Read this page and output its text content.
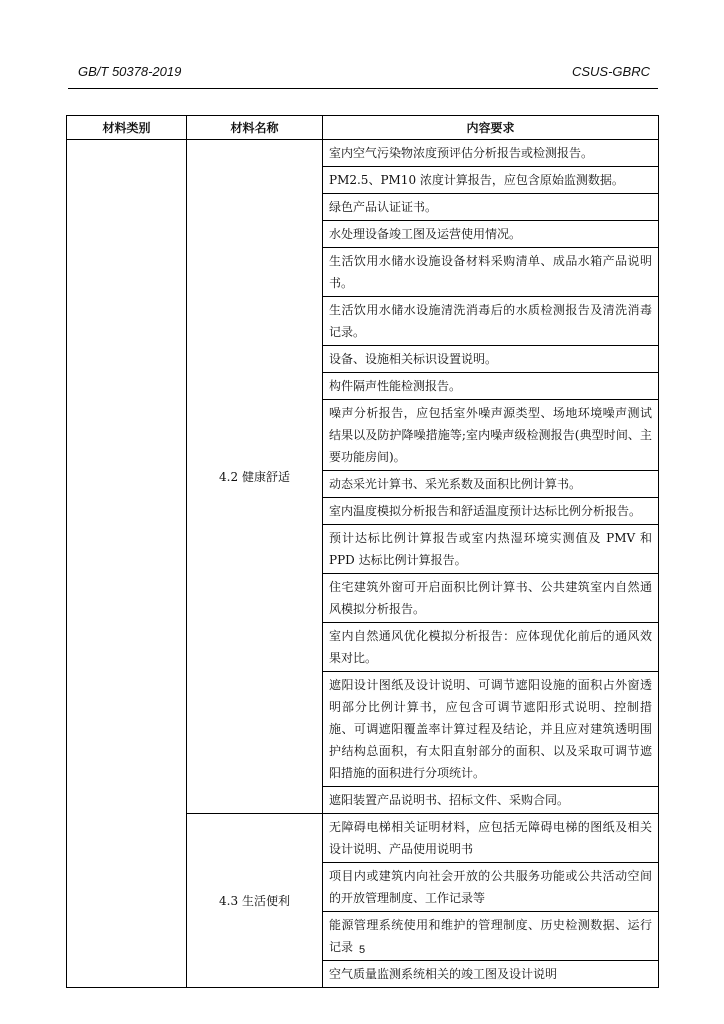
GB/T 50378-2019	CSUS-GBRC
材料类别	材料名称	内容要求
	4.2 健康舒适	室内空气污染物浓度预评估分析报告或检测报告。
		PM2.5、PM10 浓度计算报告，应包含原始监测数据。
		绿色产品认证证书。
		水处理设备竣工图及运营使用情况。
		生活饮用水储水设施设备材料采购清单、成品水箱产品说明书。
		生活饮用水储水设施清洗消毒后的水质检测报告及清洗消毒记录。
		设备、设施相关标识设置说明。
		构件隔声性能检测报告。
		噪声分析报告，应包括室外噪声源类型、场地环境噪声测试结果以及防护降噪措施等;室内噪声级检测报告(典型时间、主要功能房间)。
		动态采光计算书、采光系数及面积比例计算书。
		室内温度模拟分析报告和舒适温度预计达标比例分析报告。
		预计达标比例计算报告或室内热湿环境实测值及 PMV 和 PPD 达标比例计算报告。
		住宅建筑外窗可开启面积比例计算书、公共建筑室内自然通风模拟分析报告。
		室内自然通风优化模拟分析报告：应体现优化前后的通风效果对比。
		遮阳设计图纸及设计说明、可调节遮阳设施的面积占外窗透明部分比例计算书，应包含可调节遮阳形式说明、控制措施、可调遮阳覆盖率计算过程及结论，并且应对建筑透明围护结构总面积，有太阳直射部分的面积、以及采取可调节遮阳措施的面积进行分项统计。
		遮阳装置产品说明书、招标文件、采购合同。
	4.3 生活便利	无障碍电梯相关证明材料，应包括无障碍电梯的图纸及相关设计说明、产品使用说明书
		项目内或建筑内向社会开放的公共服务功能或公共活动空间的开放管理制度、工作记录等
		能源管理系统使用和维护的管理制度、历史检测数据、运行记录
		空气质量监测系统相关的竣工图及设计说明
5
